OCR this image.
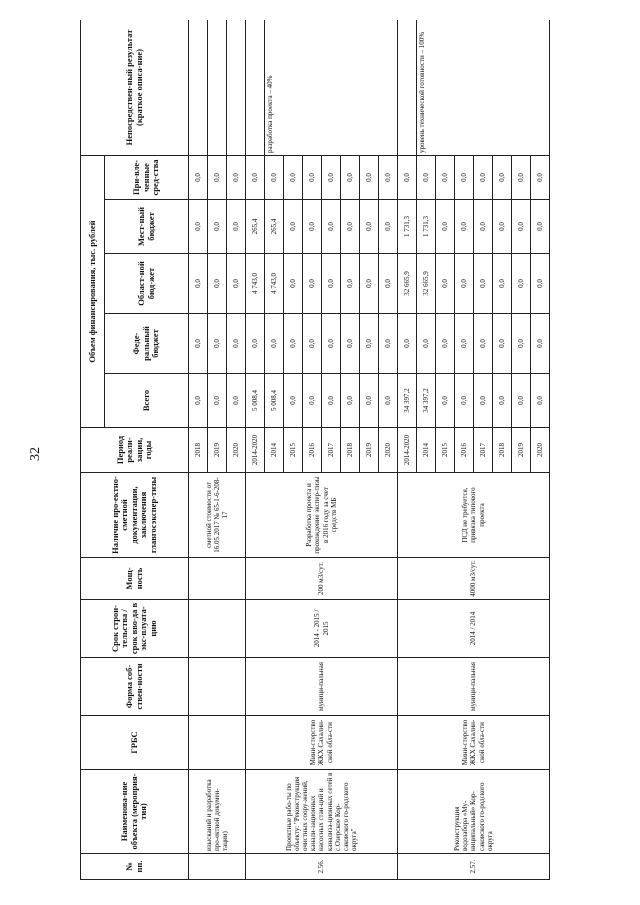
32
№ пп.	Наименова-ние объекта (мероприя-тия)	ГРБС	Форма соб-ствен-ности	Срок строи-тельства / срок вво-да в экс-плуата-цию	Мощ-ность	Наличие про-ектно-сметной документации, заключения главгосэкспер-тизы	Период реали-зации, годы	Объем финансирования, тыс. рублей					Непосредствен-ный результат (краткое описа-ние)
								Всего	Феде-ральный бюджет	Област-ной бюд-жет	Мест-ный бюджет	При-вле-ченные сред-ства	
	изысканий и разработка про-ектной докумен-тации)					сметной стоимости от 16.05.2017 № 65-1-6-208-17	2018	0,0	0,0	0,0	0,0	0,0	
							2019	0,0	0,0	0,0	0,0	0,0	
							2020	0,0	0,0	0,0	0,0	0,0	
2.56.	Проектные рабо-ты по объекту: "Реконструкция очистных соору-жений, канали-зационных насосных стан-ций и канализа-ционных сетей в с.Озерское Кор-саковского го-родского округа"	Мини-стерство ЖКХ Сахалин-ской обла-сти	муници-пальная	2014 - 2015 / 2015	200 м3/сут.	Разработка проекта и прохождение экспер-тизы в 2016 году за счет средств МБ	2014-2020	5 008,4	0,0	4 743,0	265,4	0,0	
							2014	5 008,4	0,0	4 743,0	265,4	0,0	разработка проекта – 40%
							2015	0,0	0,0	0,0	0,0	0,0	
							2016	0,0	0,0	0,0	0,0	0,0	
							2017	0,0	0,0	0,0	0,0	0,0	
							2018	0,0	0,0	0,0	0,0	0,0	
							2019	0,0	0,0	0,0	0,0	0,0	
							2020	0,0	0,0	0,0	0,0	0,0	
2.57.	Реконструкция водозабора «Му-ниципальный» Кор-саковского го-родского округа	Мини-стерство ЖКХ Сахалин-ской обла-сти	муници-пальная	2014 / 2014	4000 м3/сут.	ПСД не требуется, привязка типового проекта	2014-2020	34 397,2	0,0	32 665,9	1 731,3	0,0	
							2014	34 397,2	0,0	32 665,9	1 731,3	0,0	уровень технической готовности – 100%
							2015	0,0	0,0	0,0	0,0	0,0	
							2016	0,0	0,0	0,0	0,0	0,0	
							2017	0,0	0,0	0,0	0,0	0,0	
							2018	0,0	0,0	0,0	0,0	0,0	
							2019	0,0	0,0	0,0	0,0	0,0	
							2020	0,0	0,0	0,0	0,0	0,0	
